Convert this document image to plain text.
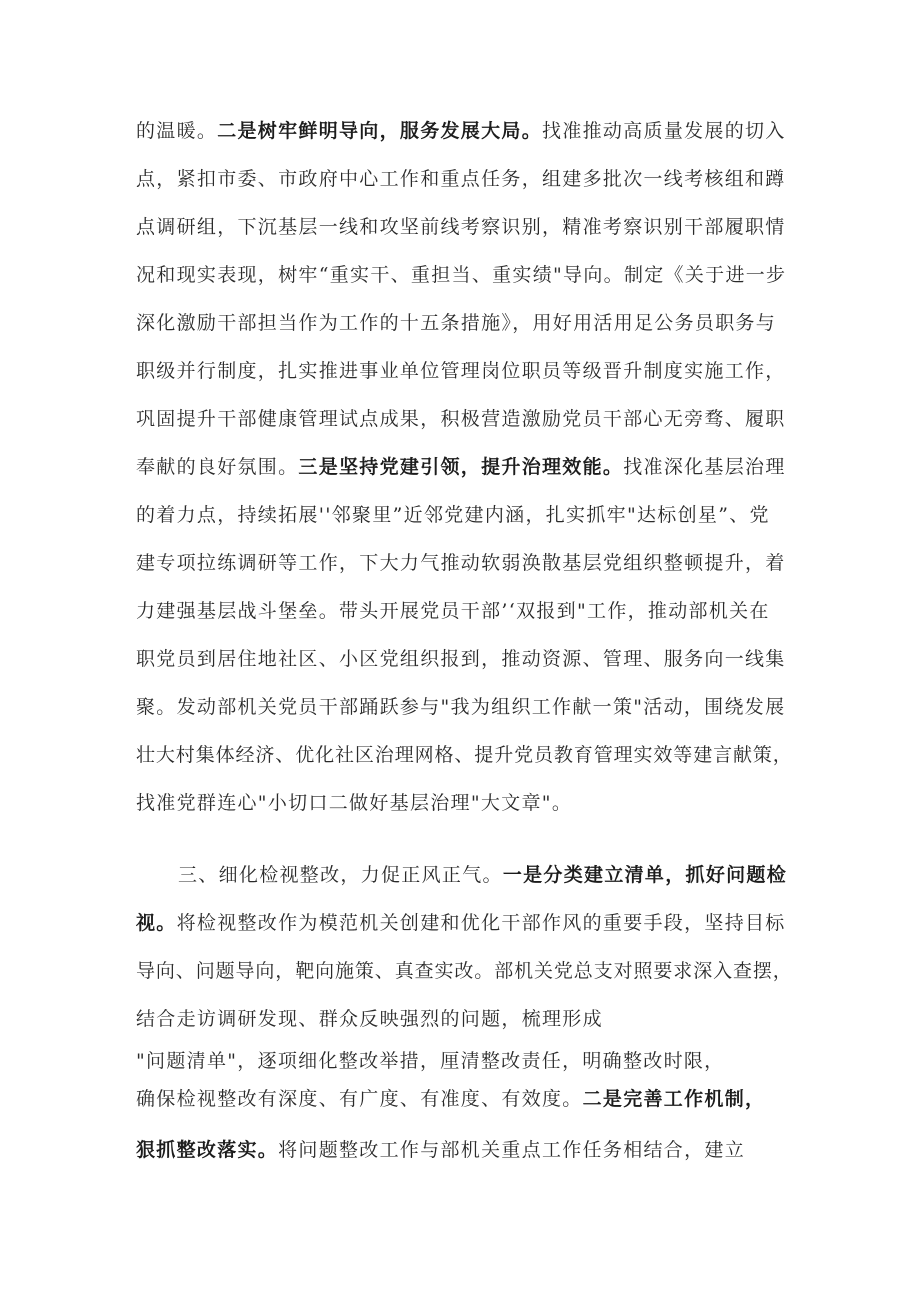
的温暖。二是树牢鲜明导向，服务发展大局。找准推动高质量发展的切入
点，紧扣市委、市政府中心工作和重点任务，组建多批次一线考核组和蹲
点调研组，下沉基层一线和攻坚前线考察识别，精准考察识别干部履职情
况和现实表现，树牢“重实干、重担当、重实绩"导向。制定《关于进一步
深化激励干部担当作为工作的十五条措施》，用好用活用足公务员职务与
职级并行制度，扎实推进事业单位管理岗位职员等级晋升制度实施工作，
巩固提升干部健康管理试点成果，积极营造激励党员干部心无旁骛、履职
奉献的良好氛围。三是坚持党建引领，提升治理效能。找准深化基层治理
的着力点，持续拓展''邻聚里”近邻党建内涵，扎实抓牢"达标创星”、党
建专项拉练调研等工作，下大力气推动软弱涣散基层党组织整顿提升，着
力建强基层战斗堡垒。带头开展党员干部’‘双报到"工作，推动部机关在
职党员到居住地社区、小区党组织报到，推动资源、管理、服务向一线集
聚。发动部机关党员干部踊跃参与"我为组织工作献一策"活动，围绕发展
壮大村集体经济、优化社区治理网格、提升党员教育管理实效等建言献策，
找准党群连心"小切口二做好基层治理"大文章"。
三、细化检视整改，力促正风正气。一是分类建立清单，抓好问题检
视。将检视整改作为模范机关创建和优化干部作风的重要手段，坚持目标
导向、问题导向，靶向施策、真查实改。部机关党总支对照要求深入查摆，
结合走访调研发现、群众反映强烈的问题，梳理形成
"问题清单"，逐项细化整改举措，厘清整改责任，明确整改时限，
确保检视整改有深度、有广度、有准度、有效度。二是完善工作机制，
狠抓整改落实。将问题整改工作与部机关重点工作任务相结合，建立
